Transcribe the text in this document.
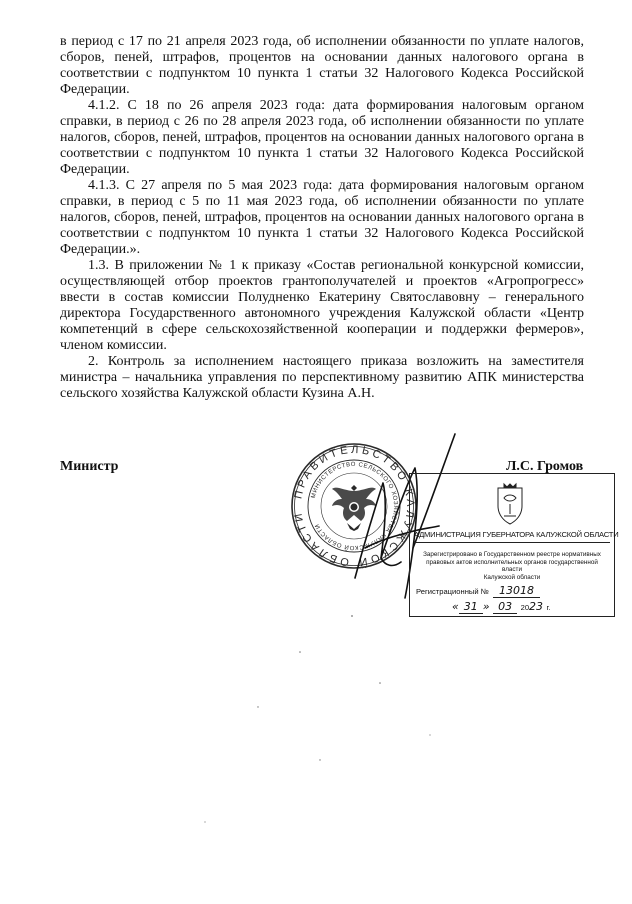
в период с 17 по 21 апреля 2023 года, об исполнении обязанности по уплате налогов, сборов, пеней, штрафов, процентов на основании данных налогового органа в соответствии с подпунктом 10 пункта 1 статьи 32 Налогового Кодекса Российской Федерации.

4.1.2. С 18 по 26 апреля 2023 года: дата формирования налоговым органом справки, в период с 26 по 28 апреля 2023 года, об исполнении обязанности по уплате налогов, сборов, пеней, штрафов, процентов на основании данных налогового органа в соответствии с подпунктом 10 пункта 1 статьи 32 Налогового Кодекса Российской Федерации.

4.1.3. С 27 апреля по 5 мая 2023 года: дата формирования налоговым органом справки, в период с 5 по 11 мая 2023 года, об исполнении обязанности по уплате налогов, сборов, пеней, штрафов, процентов на основании данных налогового органа в соответствии с подпунктом 10 пункта 1 статьи 32 Налогового Кодекса Российской Федерации.».

1.3. В приложении № 1 к приказу «Состав региональной конкурсной комиссии, осуществляющей отбор проектов грантополучателей и проектов «Агропрогресс» ввести в состав комиссии Полудненко Екатерину Святославовну – генерального директора Государственного автономного учреждения Калужской области «Центр компетенций в сфере сельскохозяйственной кооперации и поддержки фермеров», членом комиссии.

2. Контроль за исполнением настоящего приказа возложить на заместителя министра – начальника управления по перспективному развитию АПК министерства сельского хозяйства Калужской области Кузина А.Н.

Министр
ПРАВИТЕЛЬСТВО КАЛУЖСКОЙ ОБЛАСТИ
МИНИСТЕРСТВО СЕЛЬСКОГО ХОЗЯЙСТВА КАЛУЖСКОЙ ОБЛАСТИ
Л.С. Громов
АДМИНИСТРАЦИЯ ГУБЕРНАТОРА КАЛУЖСКОЙ ОБЛАСТИ
Зарегистрировано в Государственном реестре нормативных
правовых актов исполнительных органов государственной власти
Калужской области
Регистрационный № 13018
« 31 » 03 2023 г.
